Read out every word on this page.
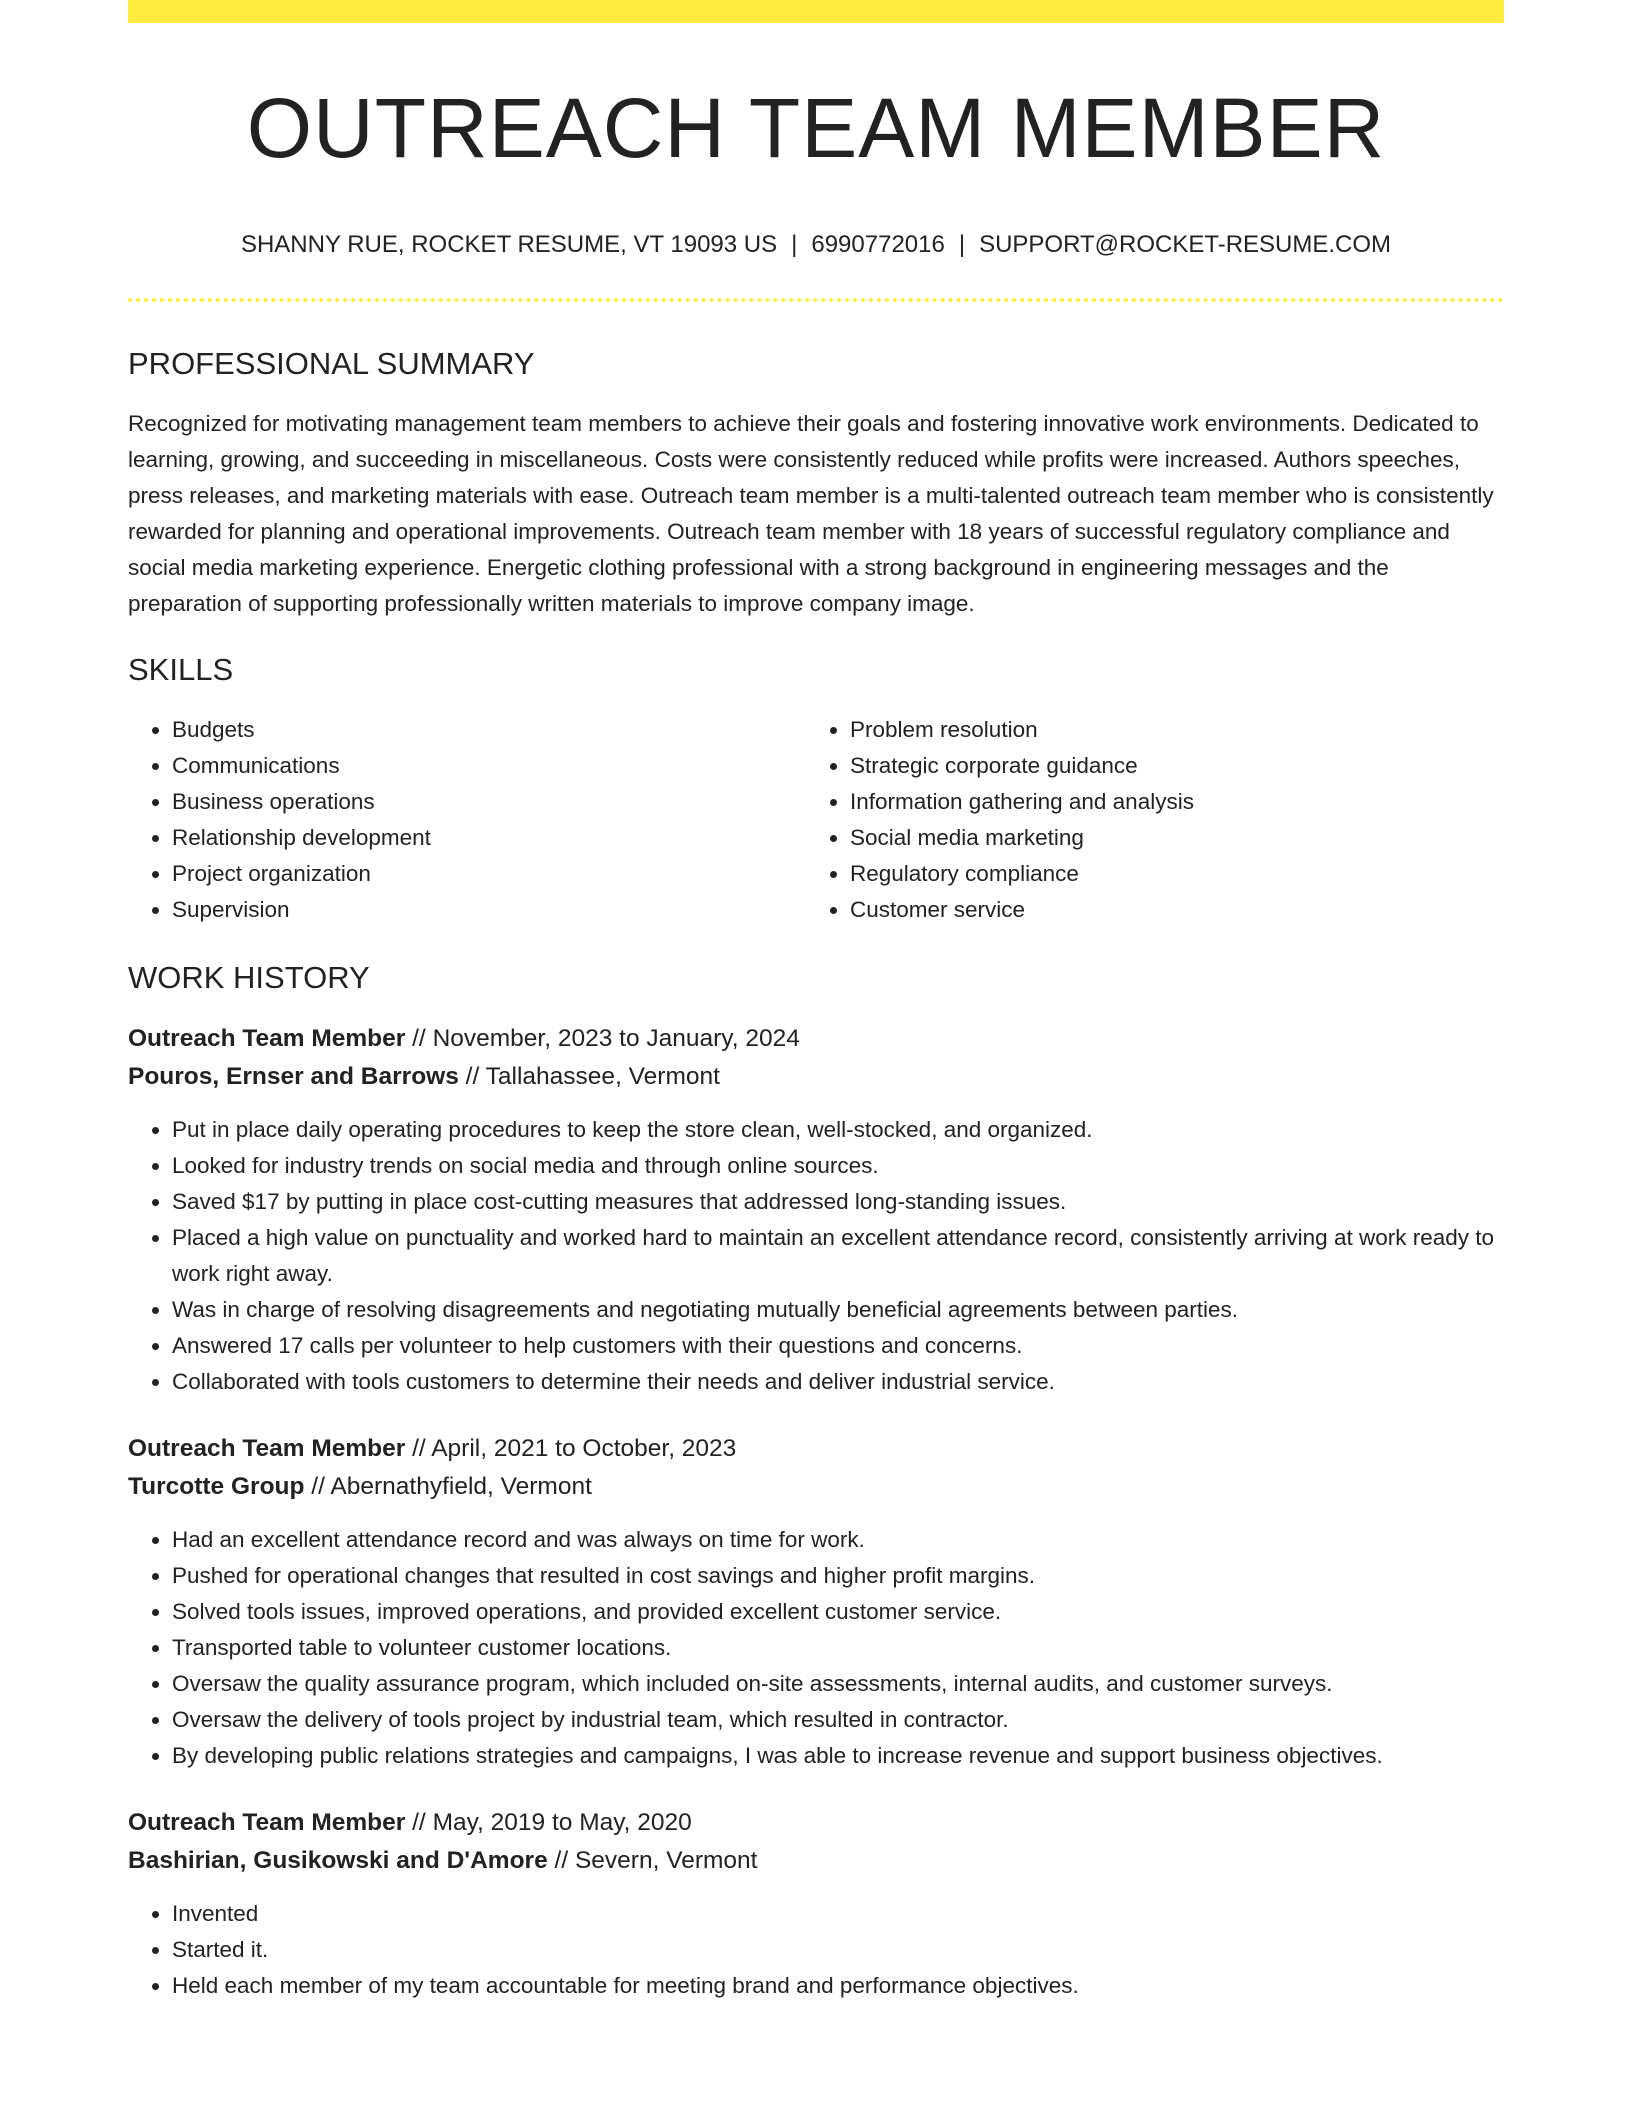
OUTREACH TEAM MEMBER
SHANNY RUE, ROCKET RESUME, VT 19093 US | 6990772016 | SUPPORT@ROCKET-RESUME.COM
PROFESSIONAL SUMMARY

Recognized for motivating management team members to achieve their goals and fostering innovative work environments. Dedicated to learning, growing, and succeeding in miscellaneous. Costs were consistently reduced while profits were increased. Authors speeches, press releases, and marketing materials with ease. Outreach team member is a multi-talented outreach team member who is consistently rewarded for planning and operational improvements. Outreach team member with 18 years of successful regulatory compliance and social media marketing experience. Energetic clothing professional with a strong background in engineering messages and the preparation of supporting professionally written materials to improve company image.

SKILLS
• Budgets
• Communications
• Business operations
• Relationship development
• Project organization
• Supervision
• Problem resolution
• Strategic corporate guidance
• Information gathering and analysis
• Social media marketing
• Regulatory compliance
• Customer service
WORK HISTORY
Outreach Team Member // November, 2023 to January, 2024
Pouros, Ernser and Barrows // Tallahassee, Vermont
• Put in place daily operating procedures to keep the store clean, well-stocked, and organized.
• Looked for industry trends on social media and through online sources.
• Saved $17 by putting in place cost-cutting measures that addressed long-standing issues.
• Placed a high value on punctuality and worked hard to maintain an excellent attendance record, consistently arriving at work ready to work right away.
• Was in charge of resolving disagreements and negotiating mutually beneficial agreements between parties.
• Answered 17 calls per volunteer to help customers with their questions and concerns.
• Collaborated with tools customers to determine their needs and deliver industrial service.
Outreach Team Member // April, 2021 to October, 2023
Turcotte Group // Abernathyfield, Vermont
• Had an excellent attendance record and was always on time for work.
• Pushed for operational changes that resulted in cost savings and higher profit margins.
• Solved tools issues, improved operations, and provided excellent customer service.
• Transported table to volunteer customer locations.
• Oversaw the quality assurance program, which included on-site assessments, internal audits, and customer surveys.
• Oversaw the delivery of tools project by industrial team, which resulted in contractor.
• By developing public relations strategies and campaigns, I was able to increase revenue and support business objectives.
Outreach Team Member // May, 2019 to May, 2020
Bashirian, Gusikowski and D'Amore // Severn, Vermont
• Invented
• Started it.
• Held each member of my team accountable for meeting brand and performance objectives.
